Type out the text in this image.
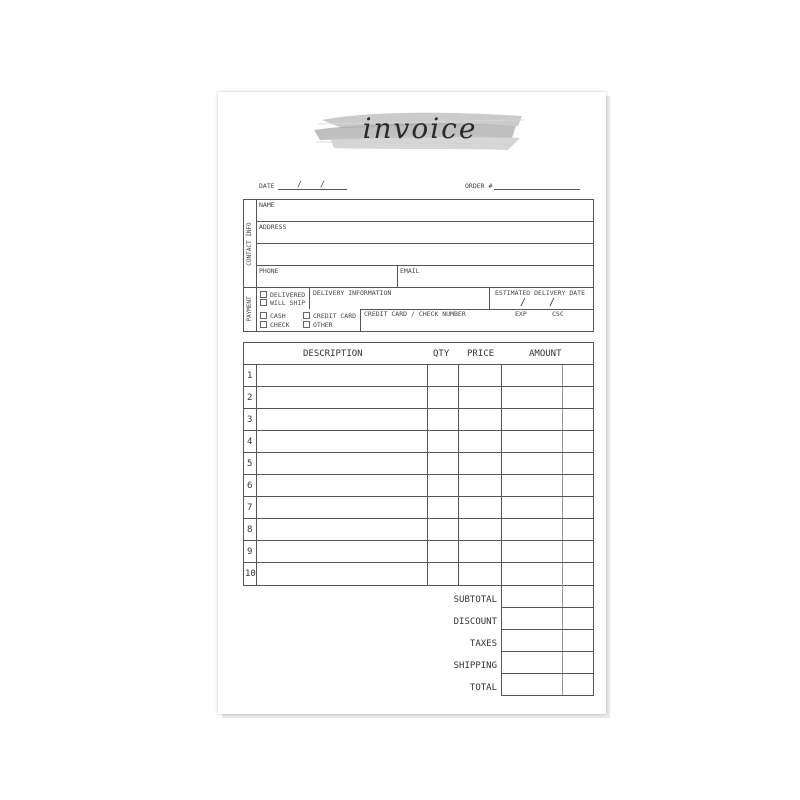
invoice
DATE	/ /	ORDER #
CONTACT INFO
NAME
ADDRESS
PHONE	EMAIL
PAYMENT
DELIVERED
WILL SHIP
DELIVERY INFORMATION	ESTIMATED DELIVERY DATE
/ /
CASH
CHECK
CREDIT CARD
OTHER
CREDIT CARD / CHECK NUMBER	EXP	CSC
DESCRIPTION	QTY PRICE	AMOUNT
1
2
3
4
5
6
7
8
9
10
SUBTOTAL
DISCOUNT
TAXES
SHIPPING
TOTAL
